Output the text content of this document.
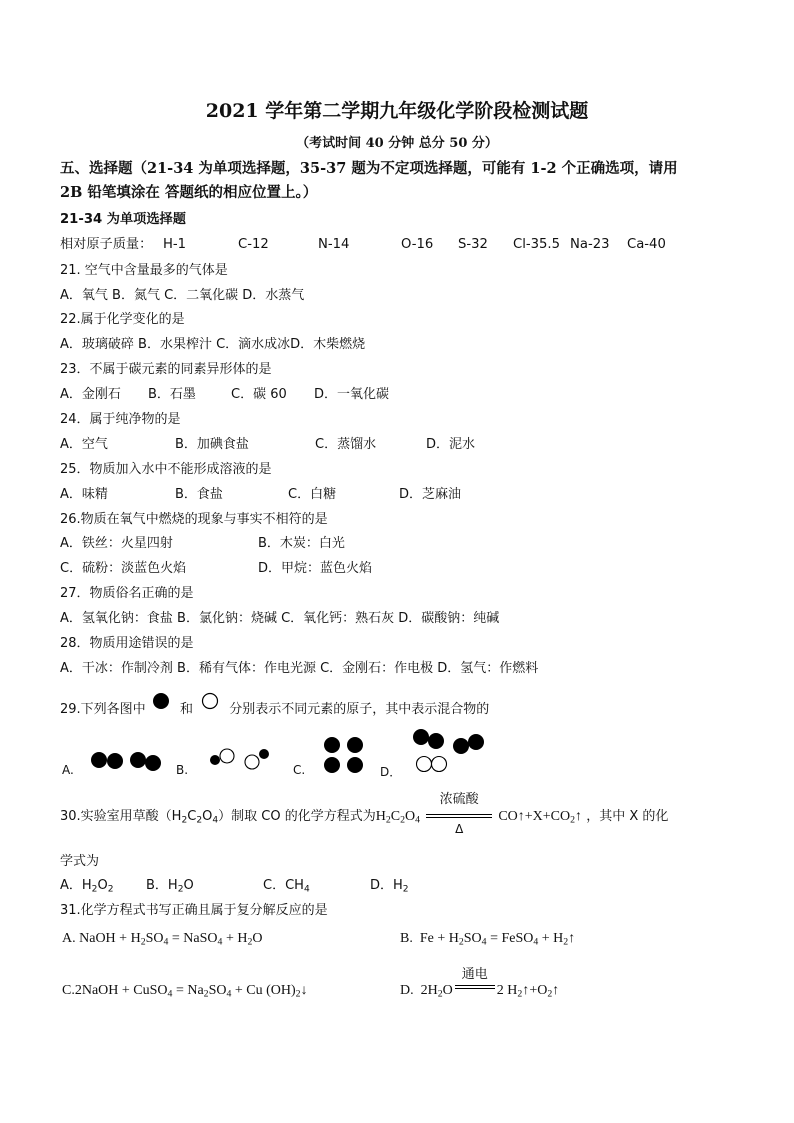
2021 学年第二学期九年级化学阶段检测试题
（考试时间 40 分钟 总分 50 分）
五、选择题（21-34 为单项选择题，35-37 题为不定项选择题，可能有 1-2 个正确选项，请用
2B 铅笔填涂在 答题纸的相应位置上。）
21-34 为单项选择题
相对原子质量： H-1	C-12	N-14	O-16 S-32 Cl-35.5 Na-23 Ca-40
21. 空气中含量最多的气体是
A．氧气 B．氮气 C．二氧化碳 D．水蒸气
22.属于化学变化的是
A．玻璃破碎 B．水果榨汁 C．滴水成冰D．木柴燃烧
23．不属于碳元素的同素异形体的是
A．金刚石 B．石墨	C．碳 60 D．一氧化碳
24．属于纯净物的是
A．空气	B．加碘食盐	C．蒸馏水	D．泥水
25．物质加入水中不能形成溶液的是
A．味精	B．食盐	C．白糖	D．芝麻油
26.物质在氧气中燃烧的现象与事实不相符的是
A．铁丝：火星四射	B．木炭：白光
C．硫粉：淡蓝色火焰	D．甲烷：蓝色火焰
27．物质俗名正确的是
A．氢氧化钠：食盐 B．氯化钠：烧碱 C．氧化钙：熟石灰 D．碳酸钠：纯碱
28．物质用途错误的是
A．干冰：作制冷剂 B．稀有气体：作电光源 C．金刚石：作电极 D．氢气：作燃料
29.下列各图中	和	分别表示不同元素的原子，其中表示混合物的
A.	B.	C.	D．
30.实验室用草酸$(H_2C_2O_4)$制取 CO 的化学方程式为$H_2C_2O_4$
浓硫酸
Δ
$CO↑+X+CO_2↑$ ，其中 X 的化
学式为
A．$H_2O_2$	B．$H_2O$	C．$CH_4$	D．$H_2$
31.化学方程式书写正确且属于复分解反应的是
A. NaOH + $H_2SO_4$ = NaSO$_4$ + $H_2O$	B.  $Fe + H_2SO_4$ = FeSO$_4$ + $H_2↑$
C.2NaOH + CuSO$_4$ = $Na_2SO_4 + Cu$ $(OH)_2↓$	D.  $2H_2O$
通电
2 $H_2↑+O_2↑$
